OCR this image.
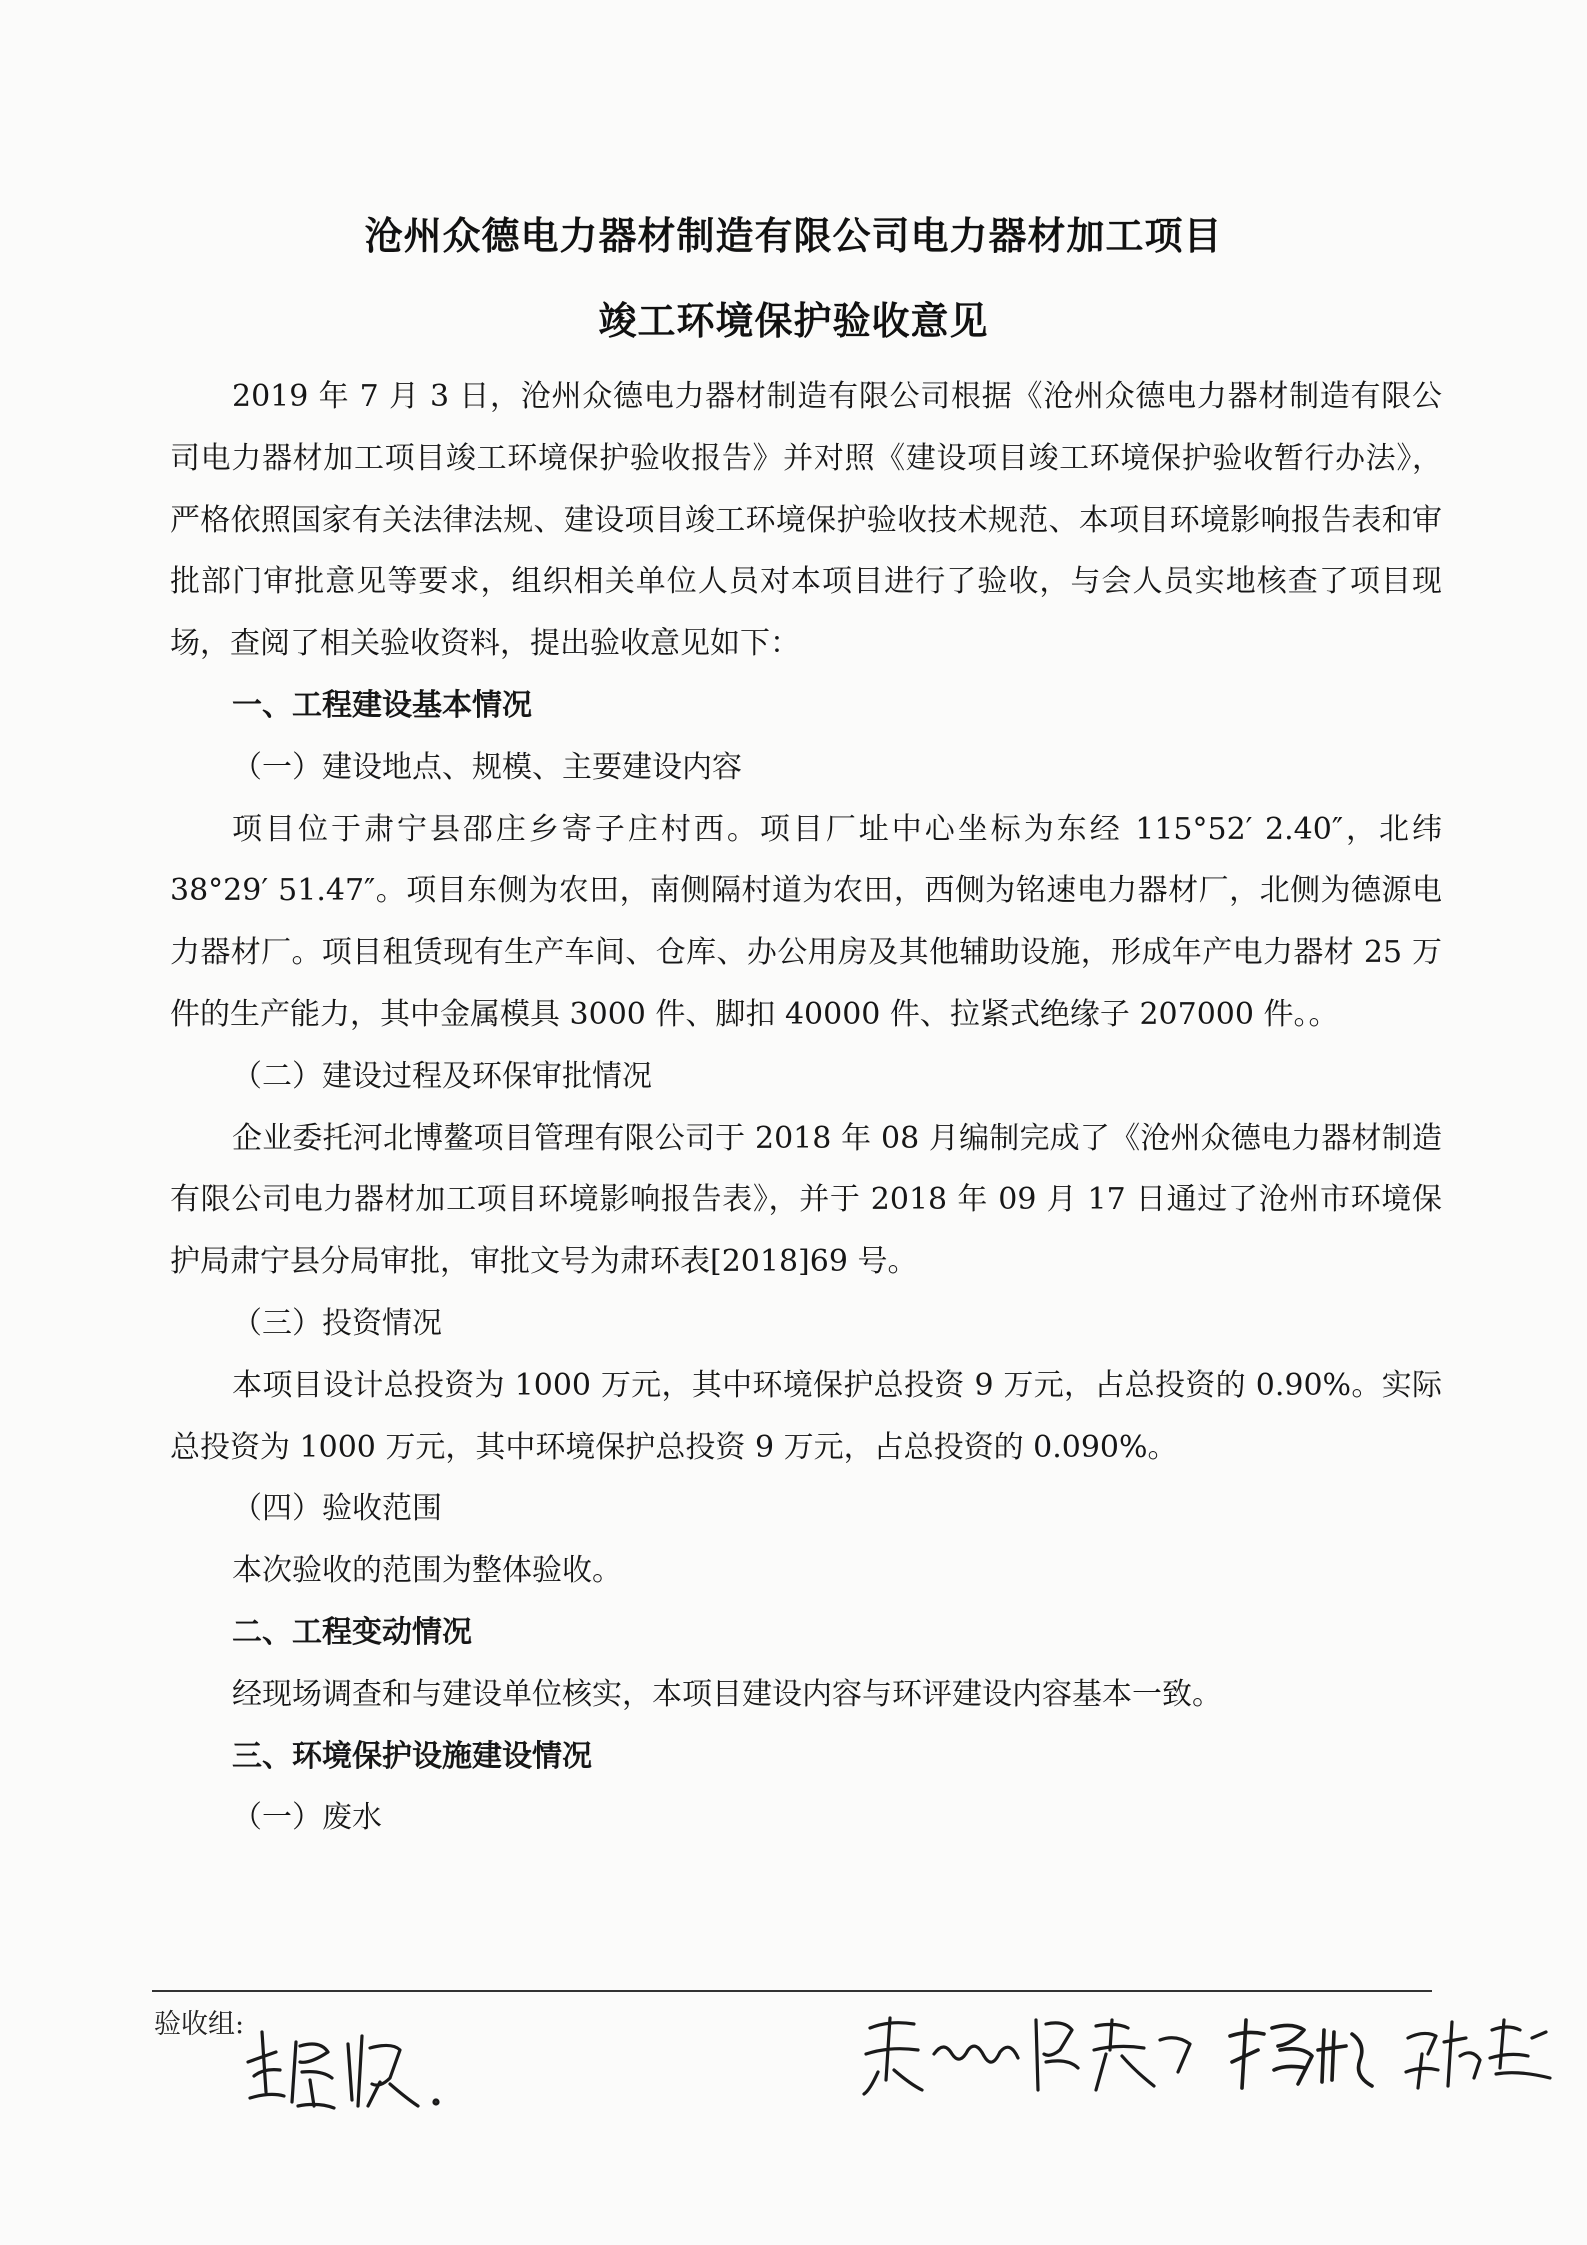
沧州众德电力器材制造有限公司电力器材加工项目
竣工环境保护验收意见

2019 年 7 月 3 日，沧州众德电力器材制造有限公司根据《沧州众德电力器材制造有限公司电力器材加工项目竣工环境保护验收报告》并对照《建设项目竣工环境保护验收暂行办法》，严格依照国家有关法律法规、建设项目竣工环境保护验收技术规范、本项目环境影响报告表和审批部门审批意见等要求，组织相关单位人员对本项目进行了验收，与会人员实地核查了项目现场，查阅了相关验收资料，提出验收意见如下：

一、工程建设基本情况

（一）建设地点、规模、主要建设内容

项目位于肃宁县邵庄乡寄子庄村西。项目厂址中心坐标为东经 115°52′ 2.40″，北纬 38°29′ 51.47″。项目东侧为农田，南侧隔村道为农田，西侧为铭速电力器材厂，北侧为德源电力器材厂。项目租赁现有生产车间、仓库、办公用房及其他辅助设施，形成年产电力器材 25 万件的生产能力，其中金属模具 3000 件、脚扣 40000 件、拉紧式绝缘子 207000 件。。

（二）建设过程及环保审批情况

企业委托河北博鳌项目管理有限公司于 2018 年 08 月编制完成了《沧州众德电力器材制造有限公司电力器材加工项目环境影响报告表》，并于 2018 年 09 月 17 日通过了沧州市环境保护局肃宁县分局审批，审批文号为肃环表[2018]69 号。

（三）投资情况

本项目设计总投资为 1000 万元，其中环境保护总投资 9 万元，占总投资的 0.90%。实际总投资为 1000 万元，其中环境保护总投资 9 万元，占总投资的 0.090%。

（四）验收范围

本次验收的范围为整体验收。

二、工程变动情况

经现场调查和与建设单位核实，本项目建设内容与环评建设内容基本一致。

三、环境保护设施建设情况

（一）废水

验收组:
